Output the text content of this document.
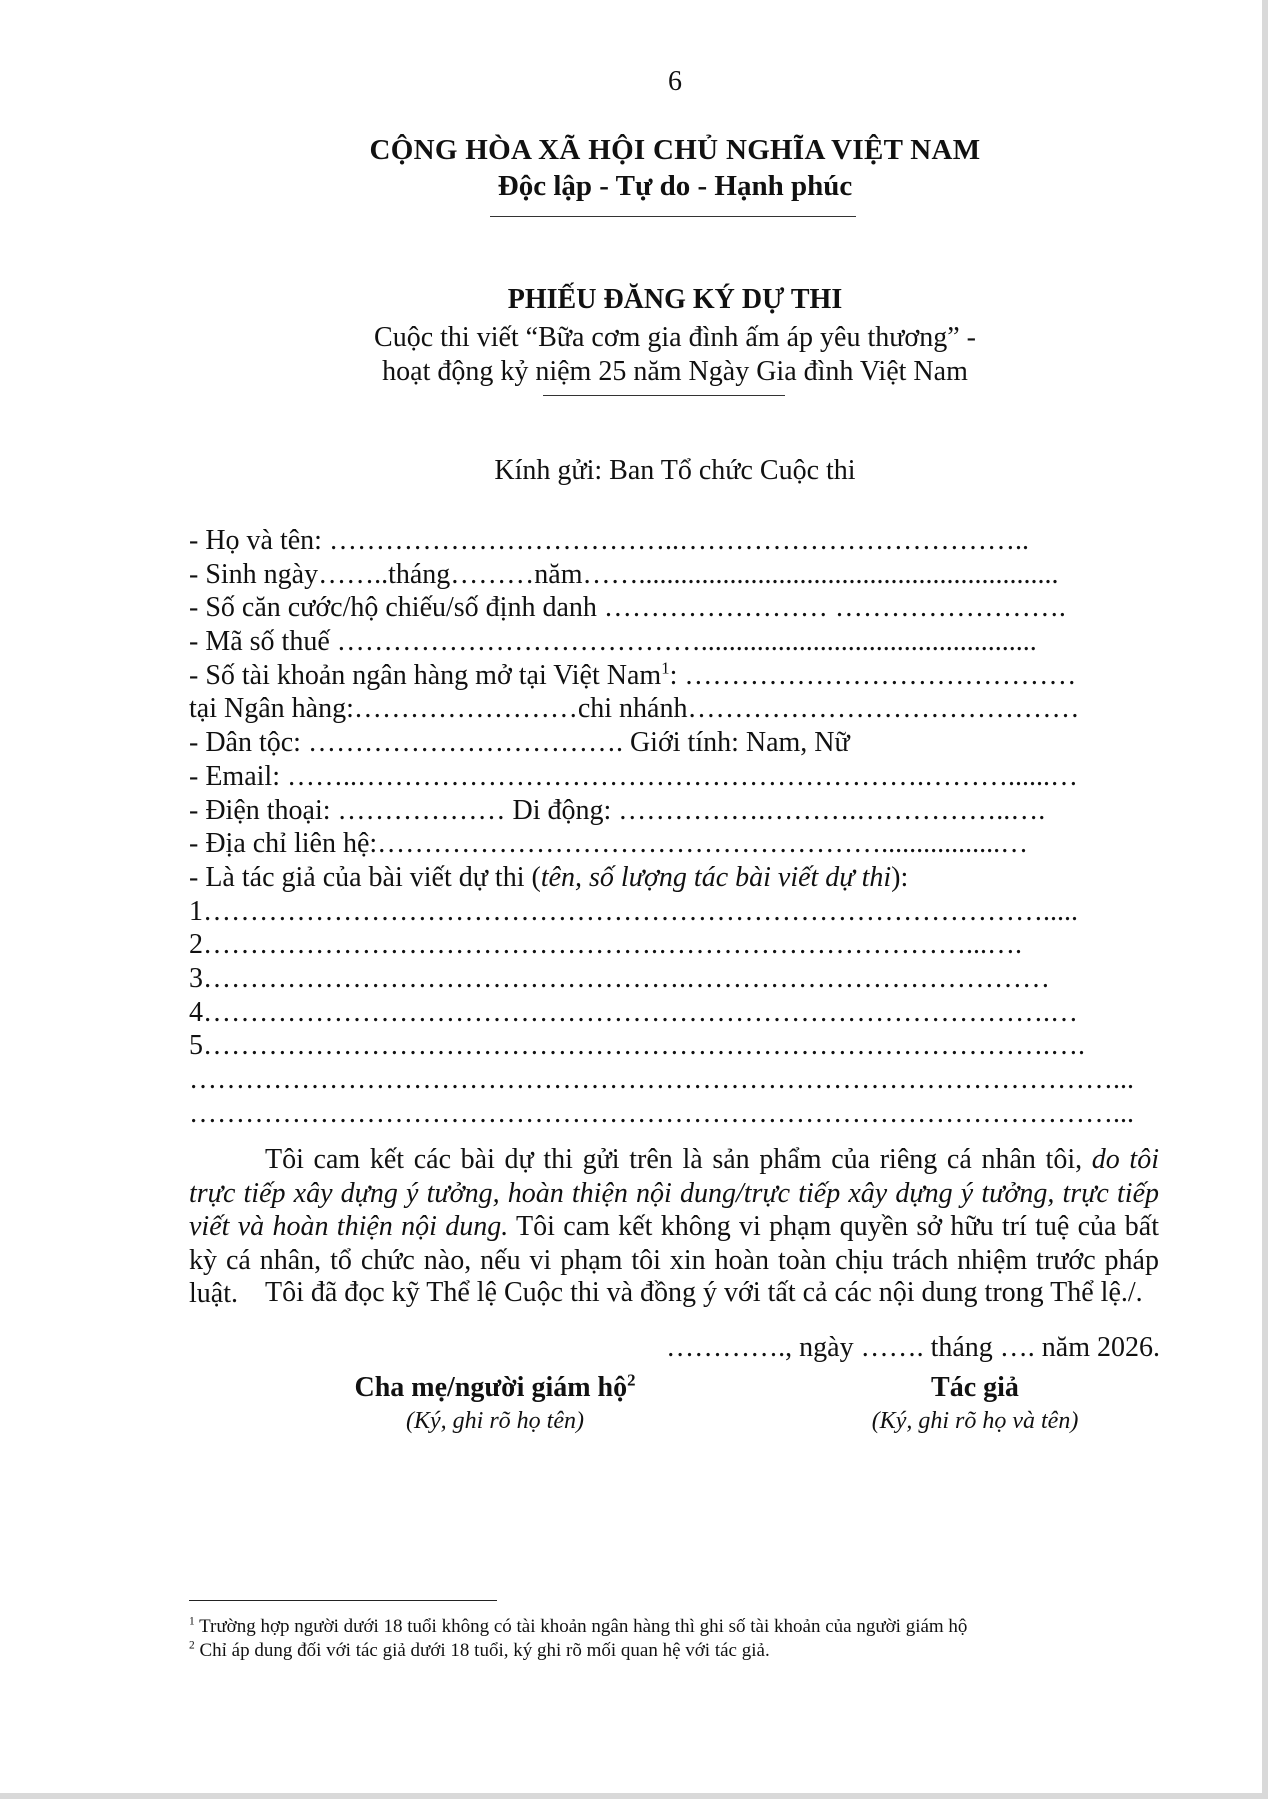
6
CỘNG HÒA XÃ HỘI CHỦ NGHĨA VIỆT NAM
Độc lập - Tự do - Hạnh phúc
PHIẾU ĐĂNG KÝ DỰ THI
Cuộc thi viết “Bữa cơm gia đình ấm áp yêu thương” -
hoạt động kỷ niệm 25 năm Ngày Gia đình Việt Nam
Kính gửi: Ban Tổ chức Cuộc thi
- Họ và tên: ………………………………..………………………………..
- Sinh ngày……..tháng………năm……............................................................
- Số căn cước/hộ chiếu/số định danh …………………… …………………….
- Mã số thuế …………………………………................................................
- Số tài khoản ngân hàng mở tại Việt Nam$^1$: ……………………………………
tại Ngân hàng:……………………chi nhánh……………………………………
- Dân tộc: ……………………………. Giới tính: Nam, Nữ
- Email: ……..…………………………………………………….………......…
- Điện thoại: ……………… Di động: …………….……….……………..….
- Địa chỉ liên hệ:……………………………………………….................…
- Là tác giả của bài viết dự thi (tên, số lượng tác bài viết dự thi):
1……………………………………………………………………………….....
2………………………………………….……………………………...….
3…………………………………………….…………………………………
4……………………………………………………………………………….…
5……………………………………………………………………………….….
………………………………………………………………………………………...
………………………………………………………………………………………...
Tôi cam kết các bài dự thi gửi trên là sản phẩm của riêng cá nhân tôi, do tôi trực tiếp xây dựng ý tưởng, hoàn thiện nội dung/trực tiếp xây dựng ý tưởng, trực tiếp viết và hoàn thiện nội dung. Tôi cam kết không vi phạm quyền sở hữu trí tuệ của bất kỳ cá nhân, tổ chức nào, nếu vi phạm tôi xin hoàn toàn chịu trách nhiệm trước pháp luật. Tôi đã đọc kỹ Thể lệ Cuộc thi và đồng ý với tất cả các nội dung trong Thể lệ./.
…………., ngày ……. tháng …. năm 2026.
Cha mẹ/người giám hộ$^2$
(Ký, ghi rõ họ tên)
Tác giả
(Ký, ghi rõ họ và tên)
$^1$ Trường hợp người dưới 18 tuổi không có tài khoản ngân hàng thì ghi số tài khoản của người giám hộ
$^2$ Chỉ áp dung đối với tác giả dưới 18 tuổi, ký ghi rõ mối quan hệ với tác giả.
